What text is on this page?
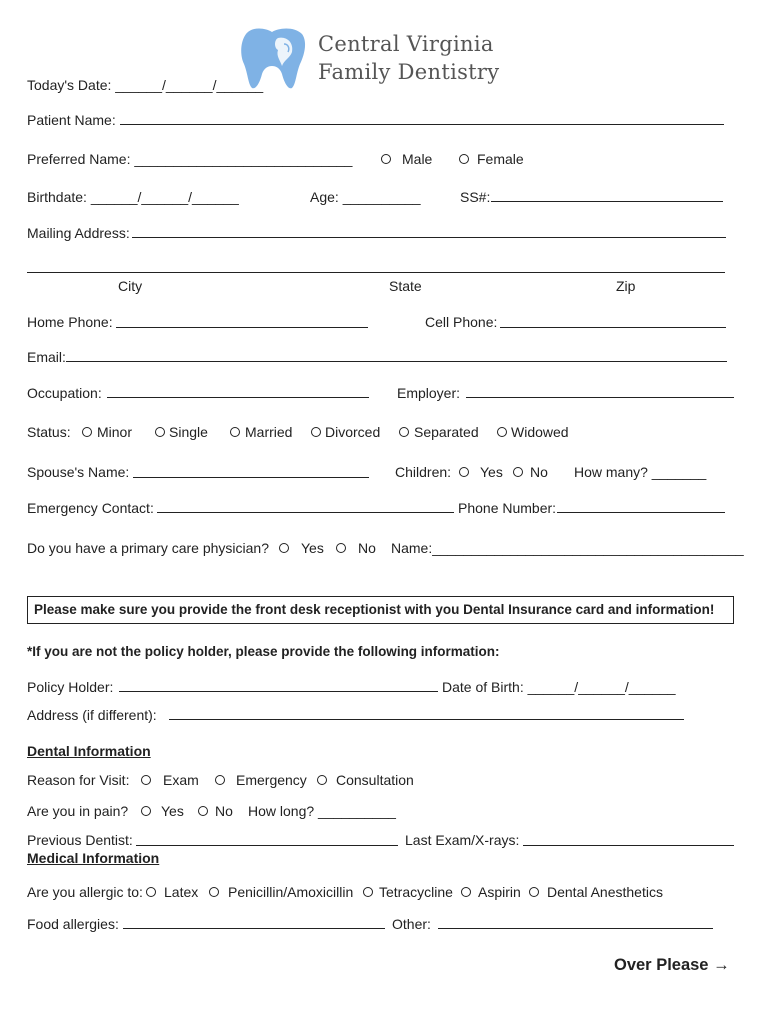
Central Virginia
Family Dentistry
Today's Date: ______/______/______
Patient Name:
Preferred Name: ____________________________	Male	Female
Birthdate: ______/______/______	Age: __________	SS#:
Mailing Address:
City	State	Zip
Home Phone:	Cell Phone:
Email:
Occupation:	Employer:
Status: Minor	Single	Married Divorced Separated Widowed
Spouse's Name:	Children: Yes No How many? _______
Emergency Contact:	Phone Number:
Do you have a primary care physician? Yes No Name:________________________________________
Please make sure you provide the front desk receptionist with you Dental Insurance card and information!
*If you are not the policy holder, please provide the following information:
Policy Holder:	Date of Birth: ______/______/______
Address (if different):
Dental Information
Reason for Visit: Exam	Emergency Consultation
Are you in pain? Yes No How long? __________
Previous Dentist:	Last Exam/X-rays:
Medical Information
Are you allergic to: Latex Penicillin/Amoxicillin Tetracycline Aspirin Dental Anesthetics
Food allergies:	Other:
Over Please →
